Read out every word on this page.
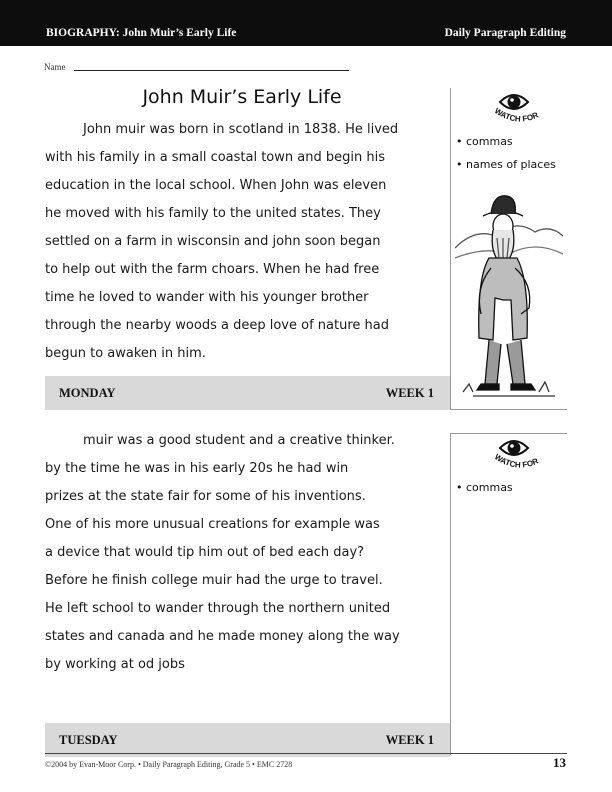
BIOGRAPHY: John Muir’s Early Life	Daily Paragraph Editing
Name
John Muir’s Early Life
John muir was born in scotland in 1838. He lived
with his family in a small coastal town and begin his
education in the local school. When John was eleven
he moved with his family to the united states. They
settled on a farm in wisconsin and john soon began
to help out with the farm choars. When he had free
time he loved to wander with his younger brother
through the nearby woods a deep love of nature had
begun to awaken in him.
WATCH FOR
• commas
• names of places
MONDAY	WEEK 1
muir was a good student and a creative thinker.
by the time he was in his early 20s he had win
prizes at the state fair for some of his inventions.
One of his more unusual creations for example was
a device that would tip him out of bed each day?
Before he finish college muir had the urge to travel.
He left school to wander through the northern united
states and canada and he made money along the way
by working at od jobs
WATCH FOR
• commas
TUESDAY	WEEK 1
©2004 by Evan-Moor Corp. • Daily Paragraph Editing, Grade 5 • EMC 2728	13
